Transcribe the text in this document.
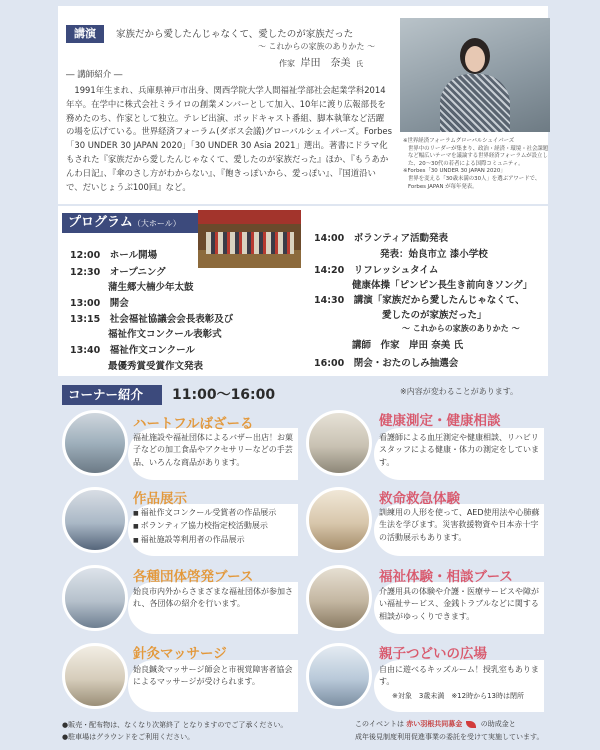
講演	家族だから愛したんじゃなくて、愛したのが家族だった
～ これからの家族のありかた ～
作家 岸田　奈美 氏
― 講師紹介 ―
1991年生まれ、兵庫県神戸市出身、関西学院大学人間福祉学部社会起業学科2014年卒。在学中に株式会社ミライロの創業メンバーとして加入、10年に渡り広報部長を務めたのち、作家として独立。テレビ出演、ポッドキャスト番組、脚本執筆など活躍の場を広げている。世界経済フォーラム(ダボス会議)グローバルシェイパーズ。Forbes「30 UNDER 30 JAPAN 2020」「30 UNDER 30 Asia 2021」選出。著書にドラマ化もされた『家族だから愛したんじゃなくて、愛したのが家族だった』ほか、『もうあかんわ日記』、『傘のさし方がわからない』、『飽きっぽいから、愛っぽい』、『国道沿いで、だいじょうぶ100回』など。
※世界経済フォーラムグローバルシェイパーズ
世界中のリーダーが集まり、政治・経済・環境・社会課題など幅広いテーマを議論する世界経済フォーラムが設立した、20～30代の若者による国際コミュニティ。
※Forbes「30 UNDER 30 JAPAN 2020」
世界を変える「30歳未満の30人」を選ぶアワードで、Forbes JAPAN が毎年発表。
プログラム（大ホール）
12:00　 ホール開場
12:30　 オープニング
蒲生郷大楠少年太鼓
13:00　 開会
13:15　 社会福祉協議会会長表彰及び
福祉作文コンクール表彰式
13:40　 福祉作文コンクール
最優秀賞受賞作文発表
14:00　 ボランティア活動発表
発表：始良市立 漆小学校
14:20　 リフレッシュタイム
健康体操「ピンピン長生き前向きソング」
14:30　 講演「家族だから愛したんじゃなくて、
愛したのが家族だった」
～ これからの家族のありかた ～
講師　作家　岸田 奈美 氏
16:00　 閉会・おたのしみ抽選会
コーナー紹介	11:00～16:00	※内容が変わることがあります。
ハートフルばざーる
福祉施設や福祉団体によるバザー出店！お菓子などの加工食品やアクセサリーなどの手芸品、いろんな商品があります。
健康測定・健康相談
看護師による血圧測定や健康相談、リハビリスタッフによる健康・体力の測定をしています。
作品展示
■ 福祉作文コンクール受賞者の作品展示
■ ボランティア協力校指定校活動展示
■ 福祉施設等利用者の作品展示
救命救急体験
訓練用の人形を使って、AED使用法や心肺蘇生法を学びます。災害救援物資や日本赤十字の活動展示もあります。
各種団体啓発ブース
始良市内外からさまざまな福祉団体が参加され、各団体の紹介を行います。
福祉体験・相談ブース
介護用具の体験や介護・医療サービスや障がい福祉サービス、金銭トラブルなどに関する相談がゆっくりできます。
針灸マッサージ
始良鍼灸マッサージ師会と市視覚障害者協会によるマッサージが受けられます。
親子つどいの広場
自由に遊べるキッズルーム！授乳室もあります。
※対象　3歳未満　※12時から13時は閉所
●販売・配布物は、なくなり次第終了 となりますのでご了承ください。
●駐車場はグラウンドをご利用ください。
このイベントは 赤い羽根共同募金	の助成金と
成年後見制度利用促進事業の委託を受けて実施しています。
